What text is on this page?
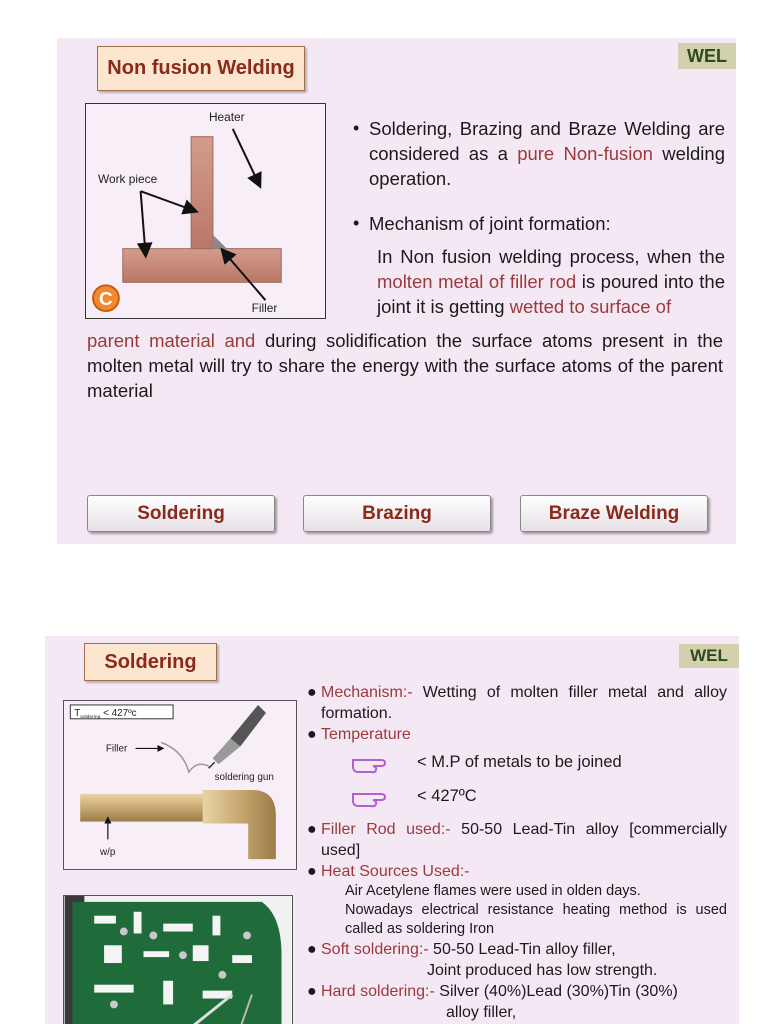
WEL
Non fusion Welding
Heater
Work piece
Filler
C
• Soldering, Brazing and Braze Welding are considered as a pure Non-fusion welding operation.
• Mechanism of joint formation:
In Non fusion welding process, when the molten metal of filler rod is poured into the joint it is getting wetted to surface of
parent material and during solidification the surface atoms present in the molten metal will try to share the energy with the surface atoms of the parent material
Soldering	Brazing	Braze Welding
WEL
Soldering
$T_{soldering}$ < 427ºc
Filler
soldering gun
w/p
● Mechanism:- Wetting of molten filler metal and alloy formation.
● Temperature
< M.P of metals to be joined
< 427ºC
● Filler Rod used:- 50-50 Lead-Tin alloy [commercially used]
● Heat Sources Used:-
Air Acetylene flames were used in olden days.
Nowadays electrical resistance heating method is used called as soldering Iron
● Soft soldering:- 50-50 Lead-Tin alloy filler,
Joint produced has low strength.
● Hard soldering:- Silver (40%)Lead (30%)Tin (30%)
alloy filler,
